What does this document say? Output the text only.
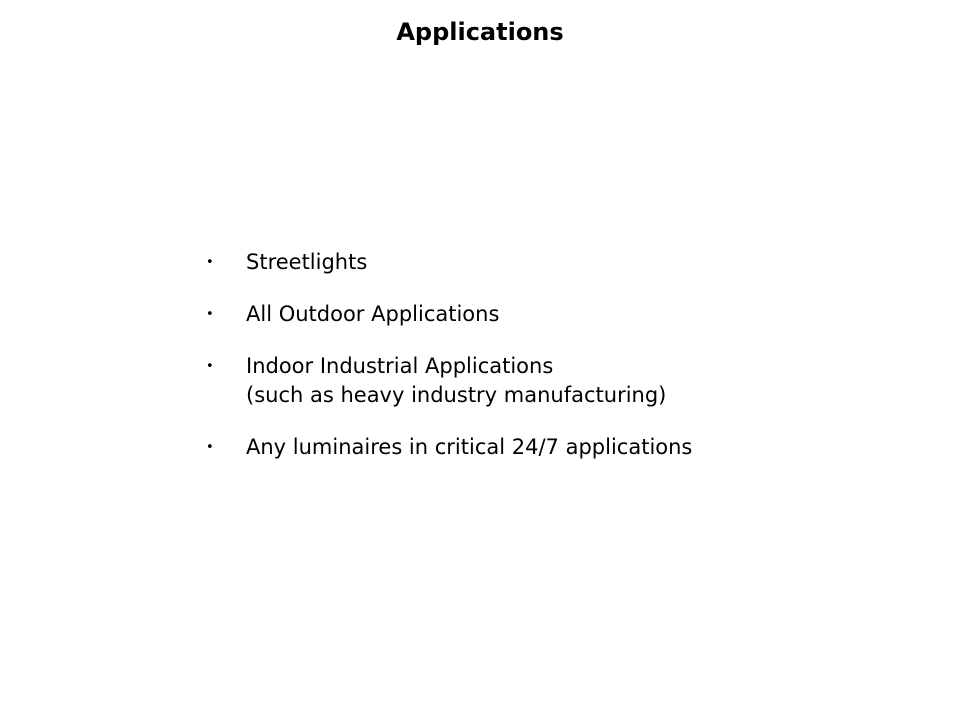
Applications
•	Streetlights
•	All Outdoor Applications
•	Indoor Industrial Applications
(such as heavy industry manufacturing)
•	Any luminaires in critical 24/7 applications
